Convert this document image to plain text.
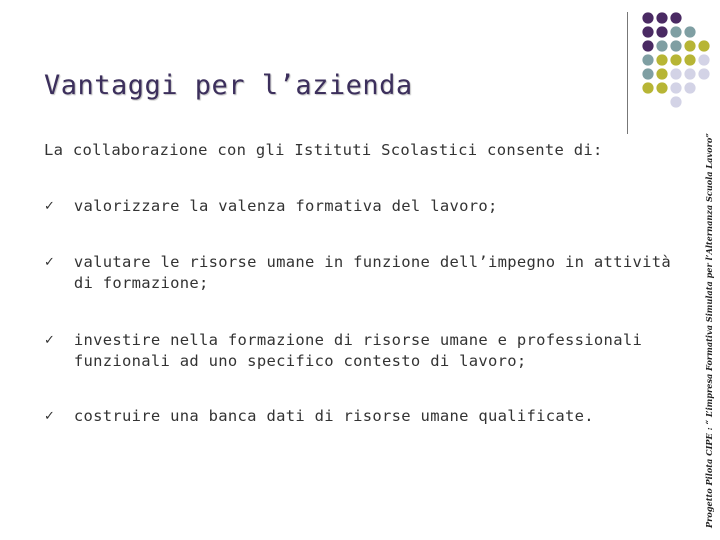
Vantaggi per l’azienda
La collaborazione con gli Istituti Scolastici consente di:
✓	valorizzare la valenza formativa del lavoro;
✓	valutare le risorse umane in funzione dell’impegno in attività di formazione;
✓	investire nella formazione di risorse umane e professionali funzionali ad uno specifico contesto di lavoro;
✓	costruire una banca dati di risorse umane qualificate.	Progetto Pilota CIPE : “ L’impresa Formativa Simulata per l’Alternanza Scuola Lavoro”
